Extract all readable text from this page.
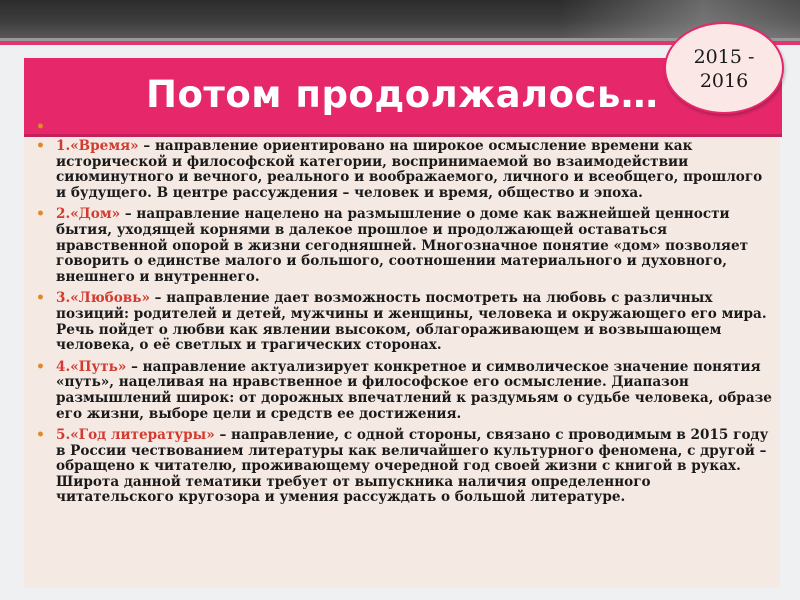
Потом продолжалось…
2015 -
2016
•
• 1.«Время» – направление ориентировано на широкое осмысление времени как исторической и философской категории, воспринимаемой во взаимодействии сиюминутного и вечного, реального и воображаемого, личного и всеобщего, прошлого и будущего. В центре рассуждения – человек и время, общество и эпоха.
• 2.«Дом» – направление нацелено на размышление о доме как важнейшей ценности бытия, уходящей корнями в далекое прошлое и продолжающей оставаться нравственной опорой в жизни сегодняшней. Многозначное понятие «дом» позволяет говорить о единстве малого и большого, соотношении материального и духовного, внешнего и внутреннего.
• 3.«Любовь» – направление дает возможность посмотреть на любовь с различных позиций: родителей и детей, мужчины и женщины, человека и окружающего его мира. Речь пойдет о любви как явлении высоком, облагораживающем и возвышающем человека, о её светлых и трагических сторонах.
• 4.«Путь» – направление актуализирует конкретное и символическое значение понятия «путь», нацеливая на нравственное и философское его осмысление. Диапазон размышлений широк: от дорожных впечатлений к раздумьям о судьбе человека, образе его жизни, выборе цели и средств ее достижения.
• 5.«Год литературы» – направление, с одной стороны, связано с проводимым в 2015 году в России чествованием литературы как величайшего культурного феномена, с другой – обращено к читателю, проживающему очередной год своей жизни с книгой в руках. Широта данной тематики требует от выпускника наличия определенного читательского кругозора и умения рассуждать о большой литературе.
